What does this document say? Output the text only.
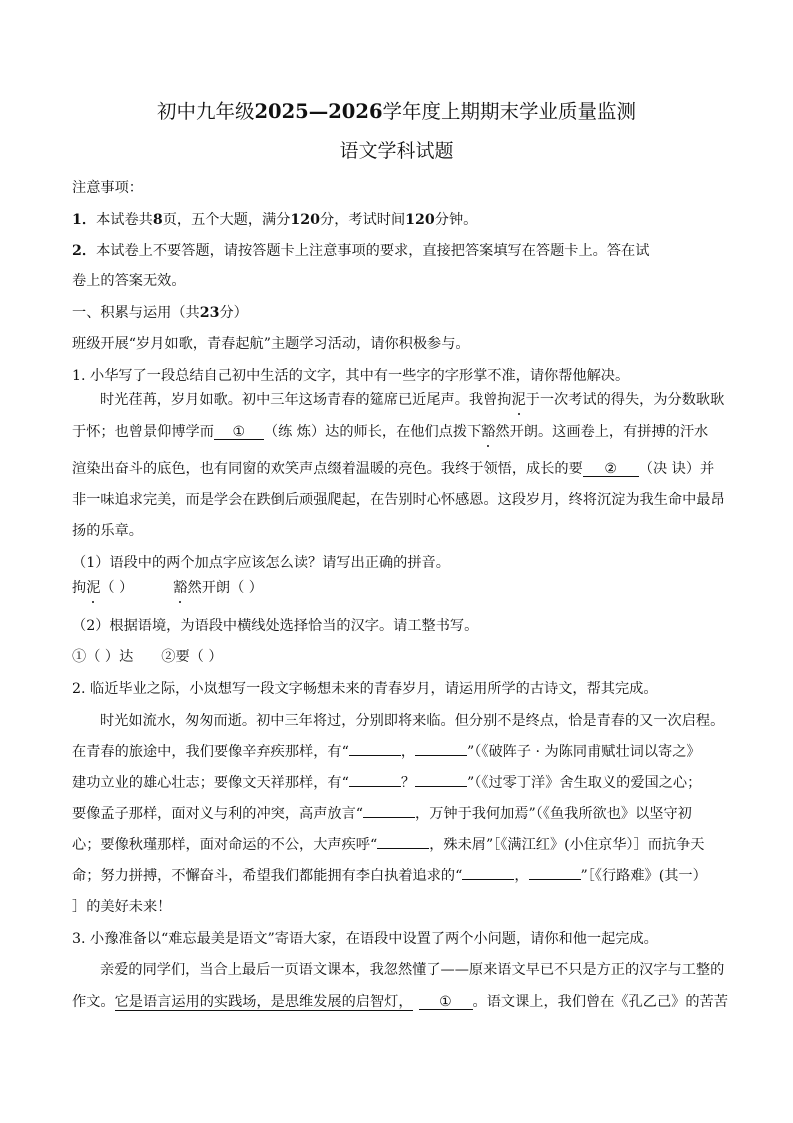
初中九年级2025—2026学年度上期期末学业质量监测
语文学科试题
注意事项：
1．本试卷共8页，五个大题，满分120分，考试时间120分钟。
2．本试卷上不要答题，请按答题卡上注意事项的要求，直接把答案填写在答题卡上。答在试
卷上的答案无效。
一、积累与运用（共23分）
班级开展“岁月如歌，青春起航”主题学习活动，请你积极参与。
1. 小华写了一段总结自己初中生活的文字，其中有一些字的字形掌不准，请你帮他解决。
时光荏苒，岁月如歌。初中三年这场青春的筵席已近尾声。我曾拘泥于一次考试的得失，为分数耿耿
于怀；也曾景仰博学而 ① （练 炼）达的师长，在他们点拨下豁然开朗。这画卷上，有拼搏的汗水
渲染出奋斗的底色，也有同窗的欢笑声点缀着温暖的亮色。我终于领悟，成长的要 ② （决 诀）并
非一味追求完美，而是学会在跌倒后顽强爬起，在告别时心怀感恩。这段岁月，终将沉淀为我生命中最昂
扬的乐章。
（1）语段中的两个加点字应该怎么读？请写出正确的拼音。
拘泥（ ）	豁然开朗（ ）
（2）根据语境，为语段中横线处选择恰当的汉字。请工整书写。
①（ ）达 ②要（ ）
2. 临近毕业之际，小岚想写一段文字畅想未来的青春岁月，请运用所学的古诗文，帮其完成。
时光如流水，匆匆而逝。初中三年将过，分别即将来临。但分别不是终点，恰是青春的又一次启程。
在青春的旅途中，我们要像辛弃疾那样，有“	，	”（《破阵子 · 为陈同甫赋壮词以寄之》
建功立业的雄心壮志；要像文天祥那样，有“	？	”（《过零丁洋》舍生取义的爱国之心；
要像孟子那样，面对义与利的冲突，高声放言“	，万钟于我何加焉”（《鱼我所欲也》以坚守初
心；要像秋瑾那样，面对命运的不公，大声疾呼“	，殊未屑”［《满江红》(小住京华）］而抗争天
命；努力拼搏，不懈奋斗，希望我们都能拥有李白执着追求的“	，	”［《行路难》(其一）
］的美好未来！
3. 小豫准备以“难忘最美是语文”寄语大家，在语段中设置了两个小问题，请你和他一起完成。
亲爱的同学们，当合上最后一页语文课本，我忽然懂了——原来语文早已不只是方正的汉字与工整的
作文。它是语言运用的实践场，是思维发展的启智灯， ① 。语文课上，我们曾在《孔乙己》的苦苦
